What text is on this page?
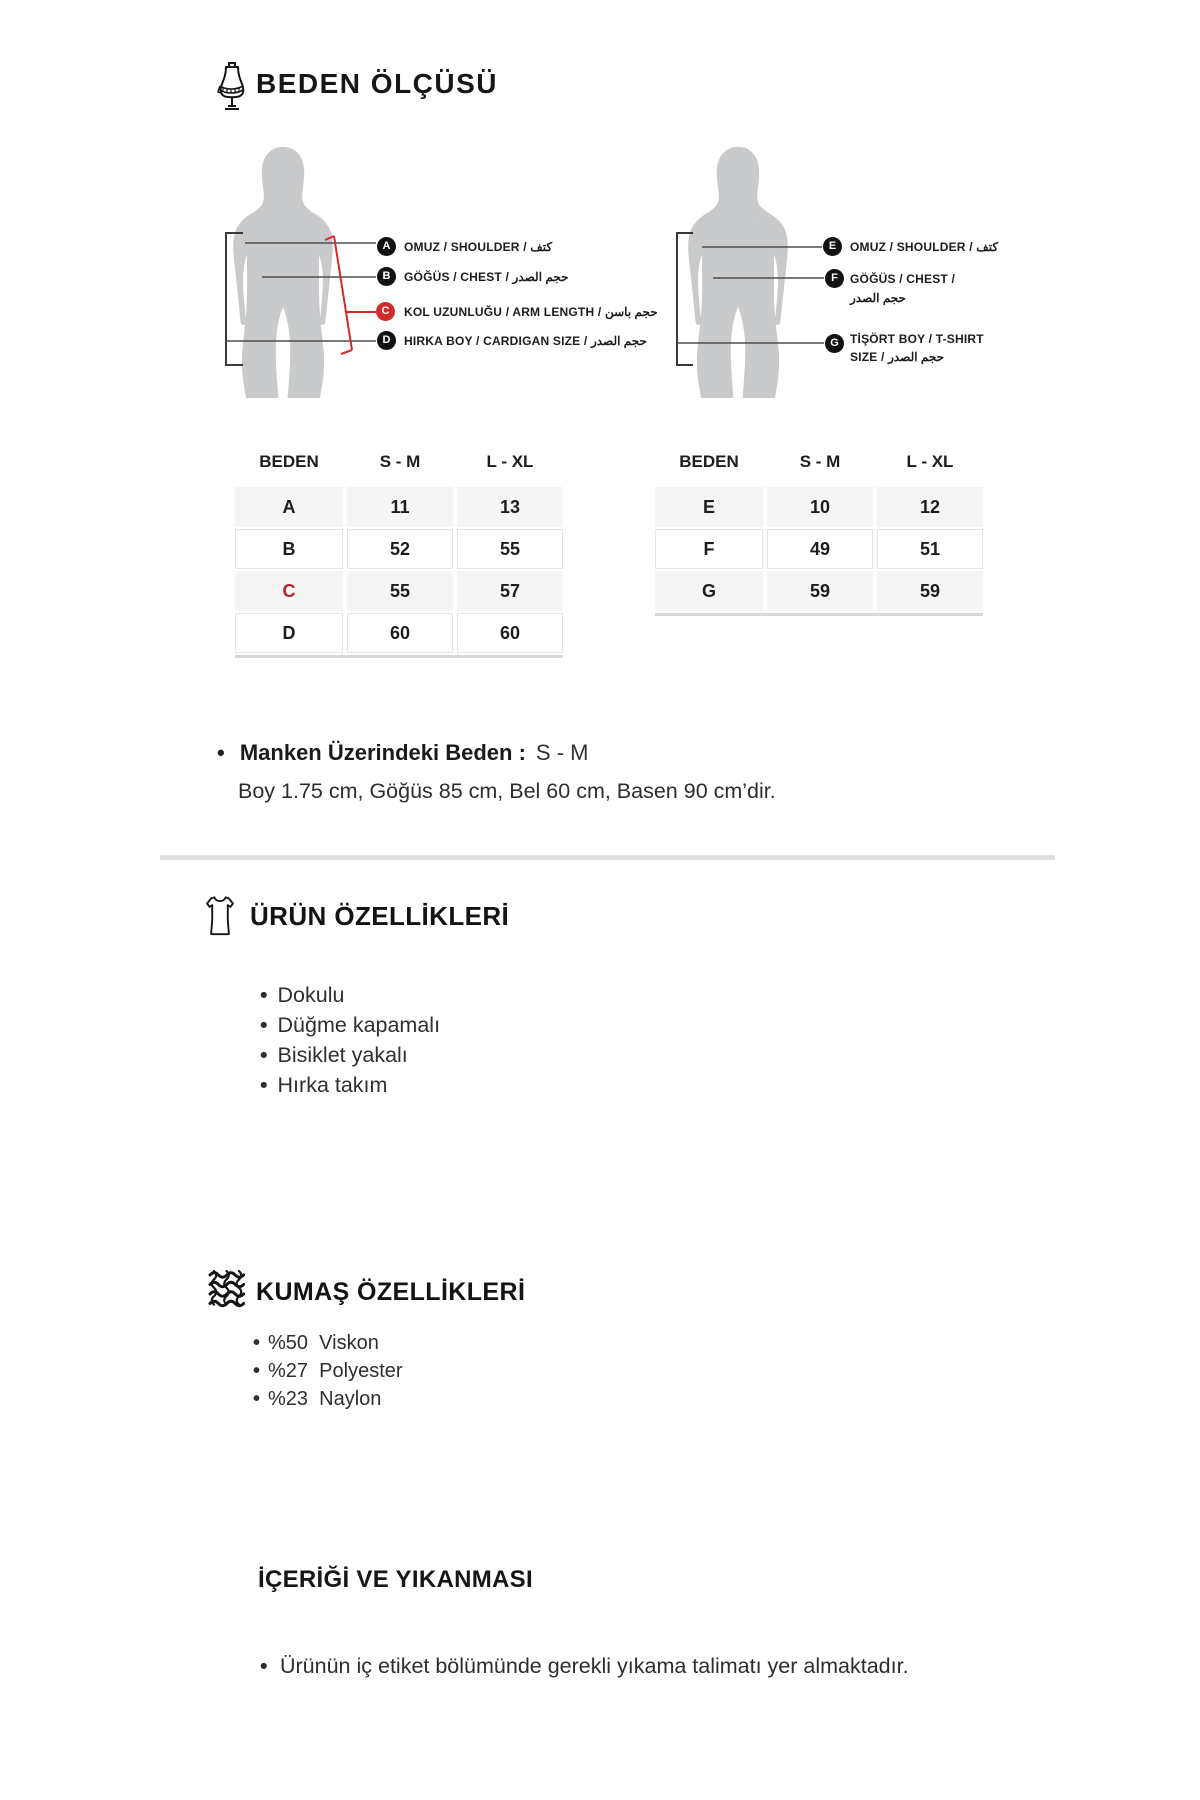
BEDEN ÖLÇÜSÜ
A	OMUZ / SHOULDER / كتف
B	GÖĞÜS / CHEST / حجم الصدر
C	KOL UZUNLUĞU / ARM LENGTH / حجم باسن
D	HIRKA BOY / CARDIGAN SIZE / حجم الصدر
E	OMUZ / SHOULDER / كتف
F	GÖĞÜS / CHEST /
حجم الصدر
G TİŞÖRT BOY / T-SHIRT
SIZE / حجم الصدر
BEDEN	S - M	L - XL
A	11	13
B	52	55
C	55	57
D	60	60
BEDEN	S - M	L - XL
E	10	12
F	49	51
G	59	59
• Manken Üzerindeki Beden : S - M
Boy 1.75 cm, Göğüs 85 cm, Bel 60 cm, Basen 90 cm’dir.
ÜRÜN ÖZELLİKLERİ
• Dokulu
• Düğme kapamalı
• Bisiklet yakalı
• Hırka takım
KUMAŞ ÖZELLİKLERİ
• %50  Viskon
• %27  Polyester
• %23  Naylon
İÇERİĞİ VE YIKANMASI
• Ürünün iç etiket bölümünde gerekli yıkama talimatı yer almaktadır.
